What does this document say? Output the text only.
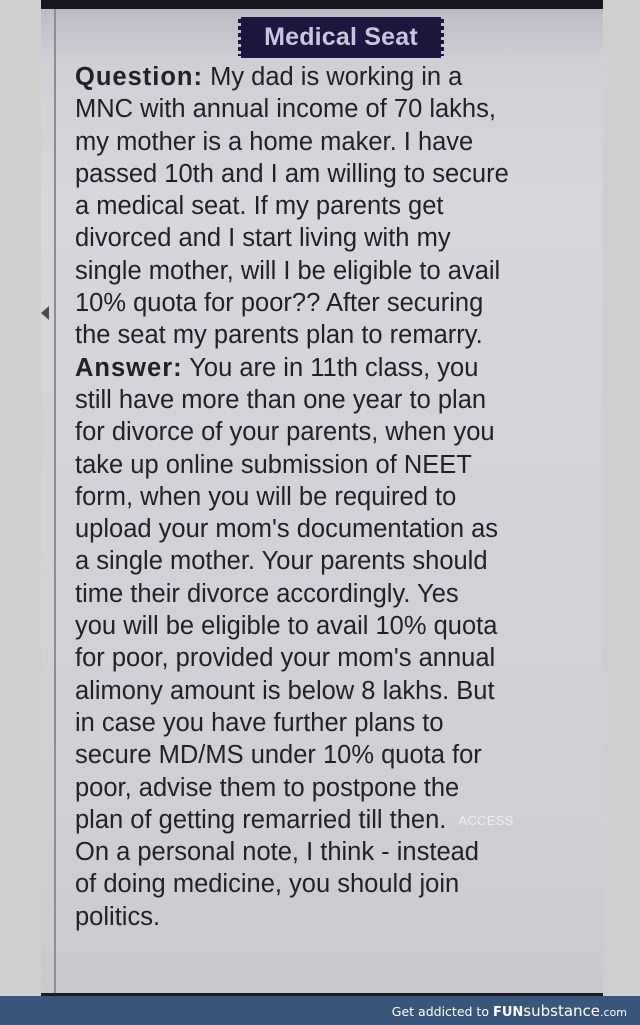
Medical Seat
Question: My dad is working in a
MNC with annual income of 70 lakhs,
my mother is a home maker. I have
passed 10th and I am willing to secure
a medical seat. If my parents get
divorced and I start living with my
single mother, will I be eligible to avail
10% quota for poor?? After securing
the seat my parents plan to remarry.
Answer: You are in 11th class, you
still have more than one year to plan
for divorce of your parents, when you
take up online submission of NEET
form, when you will be required to
upload your mom's documentation as
a single mother. Your parents should
time their divorce accordingly. Yes
you will be eligible to avail 10% quota
for poor, provided your mom's annual
alimony amount is below 8 lakhs. But
in case you have further plans to
secure MD/MS under 10% quota for
poor, advise them to postpone the
plan of getting remarried till then. ACCESS
On a personal note, I think - instead
of doing medicine, you should join
politics.
Get addicted to FUNsubstance.com
